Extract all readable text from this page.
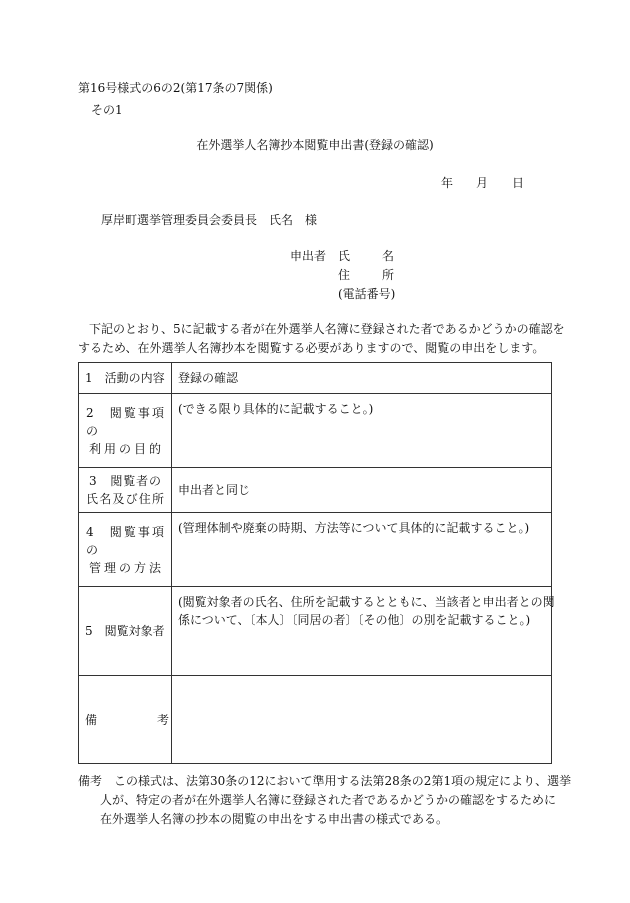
第16号様式の6の2(第17条の7関係)
その1
在外選挙人名簿抄本閲覧申出書(登録の確認)
年 月 日
厚岸町選挙管理委員会委員長　氏名　様
申出者 氏	名
住	所
(電話番号)
下記のとおり、5に記載する者が在外選挙人名簿に登録された者であるかどうかの確認を
するため、在外選挙人名簿抄本を閲覧する必要がありますので、閲覧の申出をします。
1　活動の内容	登録の確認
2　閲覧事項の
利用の目的	(できる限り具体的に記載すること。)
3　閲覧者の
氏名及び住所	申出者と同じ
4　閲覧事項の
管理の方法	(管理体制や廃棄の時期、方法等について具体的に記載すること。)

5　閲覧対象者	(閲覧対象者の氏名、住所を記載するとともに、当該者と申出者との関
係について、〔本人〕〔同居の者〕〔その他〕の別を記載すること。)

備　　　　　考	

備考 この様式は、法第30条の12において準用する法第28条の2第1項の規定により、選挙
人が、特定の者が在外選挙人名簿に登録された者であるかどうかの確認をするために
在外選挙人名簿の抄本の閲覧の申出をする申出書の様式である。
